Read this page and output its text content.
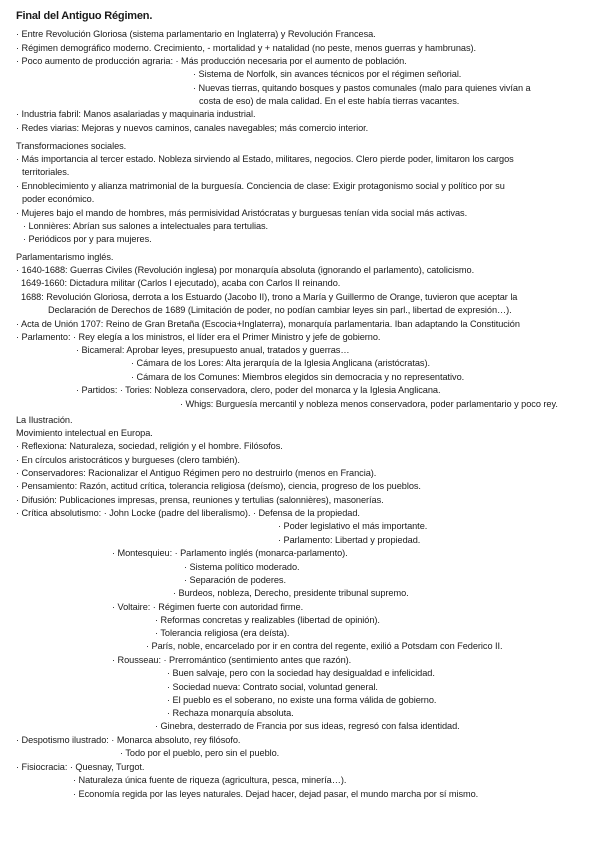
Final del Antiguo Régimen.
· Entre Revolución Gloriosa (sistema parlamentario en Inglaterra) y Revolución Francesa.
· Régimen demográfico moderno. Crecimiento, - mortalidad y + natalidad (no peste, menos guerras y hambrunas).
· Poco aumento de producción agraria: · Más producción necesaria por el aumento de población.
· Sistema de Norfolk, sin avances técnicos por el régimen señorial.
· Nuevas tierras, quitando bosques y pastos comunales (malo para quienes vivían a
costa de eso) de mala calidad. En el este había tierras vacantes.
· Industria fabril: Manos asalariadas y maquinaria industrial.
· Redes viarias: Mejoras y nuevos caminos, canales navegables; más comercio interior.
Transformaciones sociales.
· Más importancia al tercer estado. Nobleza sirviendo al Estado, militares, negocios. Clero pierde poder, limitaron los cargos
territoriales.
· Ennoblecimiento y alianza matrimonial de la burguesía. Conciencia de clase: Exigir protagonismo social y político por su
poder económico.
· Mujeres bajo el mando de hombres, más permisividad Aristócratas y burguesas tenían vida social más activas.
· Lonnières: Abrían sus salones a intelectuales para tertulias.
· Periódicos por y para mujeres.
Parlamentarismo inglés.
· 1640-1688: Guerras Civiles (Revolución inglesa) por monarquía absoluta (ignorando el parlamento), catolicismo.
1649-1660: Dictadura militar (Carlos I ejecutado), acaba con Carlos II reinando.
1688: Revolución Gloriosa, derrota a los Estuardo (Jacobo II), trono a María y Guillermo de Orange, tuvieron que aceptar la
Declaración de Derechos de 1689 (Limitación de poder, no podían cambiar leyes sin parl., libertad de expresión…).
· Acta de Unión 1707: Reino de Gran Bretaña (Escocia+Inglaterra), monarquía parlamentaria. Iban adaptando la Constitución
· Parlamento: · Rey elegía a los ministros, el líder era el Primer Ministro y jefe de gobierno.
· Bicameral: Aprobar leyes, presupuesto anual, tratados y guerras…
· Cámara de los Lores: Alta jerarquía de la Iglesia Anglicana (aristócratas).
· Cámara de los Comunes: Miembros elegidos sin democracia y no representativo.
· Partidos: · Tories: Nobleza conservadora, clero, poder del monarca y la Iglesia Anglicana.
· Whigs: Burguesía mercantil y nobleza menos conservadora, poder parlamentario y poco rey.
La Ilustración.
Movimiento intelectual en Europa.
· Reflexiona: Naturaleza, sociedad, religión y el hombre. Filósofos.
· En círculos aristocráticos y burgueses (clero también).
· Conservadores: Racionalizar el Antiguo Régimen pero no destruirlo (menos en Francia).
· Pensamiento: Razón, actitud crítica, tolerancia religiosa (deísmo), ciencia, progreso de los pueblos.
· Difusión: Publicaciones impresas, prensa, reuniones y tertulias (salonnières), masonerías.
· Crítica absolutismo: · John Locke (padre del liberalismo). · Defensa de la propiedad.
· Poder legislativo el más importante.
· Parlamento: Libertad y propiedad.
· Montesquieu: · Parlamento inglés (monarca-parlamento).
· Sistema político moderado.
· Separación de poderes.
· Burdeos, nobleza, Derecho, presidente tribunal supremo.
· Voltaire: · Régimen fuerte con autoridad firme.
· Reformas concretas y realizables (libertad de opinión).
· Tolerancia religiosa (era deísta).
· París, noble, encarcelado por ir en contra del regente, exilió a Potsdam con Federico II.
· Rousseau: · Prerromántico (sentimiento antes que razón).
· Buen salvaje, pero con la sociedad hay desigualdad e infelicidad.
· Sociedad nueva: Contrato social, voluntad general.
· El pueblo es el soberano, no existe una forma válida de gobierno.
· Rechaza monarquía absoluta.
· Ginebra, desterrado de Francia por sus ideas, regresó con falsa identidad.
· Despotismo ilustrado: · Monarca absoluto, rey filósofo.
· Todo por el pueblo, pero sin el pueblo.
· Fisiocracia: · Quesnay, Turgot.
· Naturaleza única fuente de riqueza (agricultura, pesca, minería…).
· Economía regida por las leyes naturales. Dejad hacer, dejad pasar, el mundo marcha por sí mismo.
